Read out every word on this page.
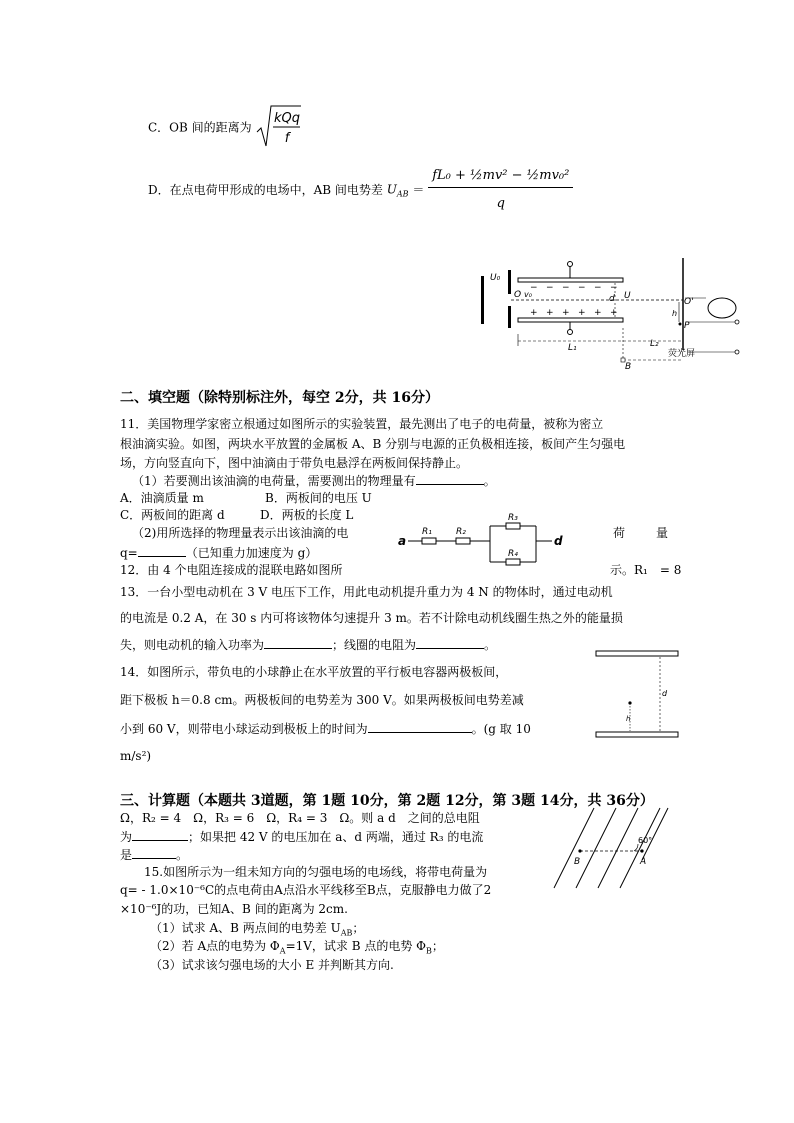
C．OB 间的距离为
kQq
f
D．在点电荷甲形成的电场中，AB 间电势差 $U_{AB} = \frac{\text{fL₀ + ½mv² − ½mv₀²}}{q}$
U₀
− − − − − −
+ + + + + +
O v₀	d U
O'
h
P
L₁	L₂
荧光屏
B
二、填空题（除特别标注外，每空 2分，共 16分）
11．美国物理学家密立根通过如图所示的实验装置，最先测出了电子的电荷量，被称为密立
根油滴实验。如图，两块水平放置的金属板 A、B 分别与电源的正负极相连接，板间产生匀强电
场，方向竖直向下，图中油滴由于带负电悬浮在两板间保持静止。
（1）若要测出该油滴的电荷量，需要测出的物理量有	。
A．油滴质量 m	B．两板间的电压 U
C．两板间的距离 d	D．两板的长度 L
（2)用所选择的物理量表示出该油滴的电	荷	量
q=	（已知重力加速度为 g）
a
R₁	R₂
R₃
R₄
d
12．由 4 个电阻连接成的混联电路如图所	示。R₁　= 8
13．一台小型电动机在 3 V 电压下工作，用此电动机提升重力为 4 N 的物体时，通过电动机
的电流是 0.2 A，在 30 s 内可将该物体匀速提升 3 m。若不计除电动机线圈生热之外的能量损
失，则电动机的输入功率为	；线圈的电阻为	。
14．如图所示，带负电的小球静止在水平放置的平行板电容器两极板间，
距下极板 h＝0.8 cm。两极板间的电势差为 300 V。如果两极板间电势差减
小到 60 V，则带电小球运动到极板上的时间为	。(g 取 10
m/s²)
d
h
三、计算题（本题共 3道题，第 1题 10分，第 2题 12分，第 3题 14分，共 36分）
Ω，R₂ = 4　Ω，R₃ = 6　Ω，R₄ = 3　Ω。则 a d　之间的总电阻
为	；如果把 42 V 的电压加在 a、d 两端，通过 R₃ 的电流
是	。
15.如图所示为一组未知方向的匀强电场的电场线，将带电荷量为
q= - 1.0×10⁻⁶C的点电荷由A点沿水平线移至B点，克服静电力做了2
×10⁻⁶J的功，已知A、B 间的距离为 2cm.
（1）试求 A、B 两点间的电势差 $U_{AB}$；
（2）若 A点的电势为 $\Phi_A=1V$，试求 B 点的电势 $\Phi_B$；
（3）试求该匀强电场的大小 E 并判断其方向.
60°
B	A
